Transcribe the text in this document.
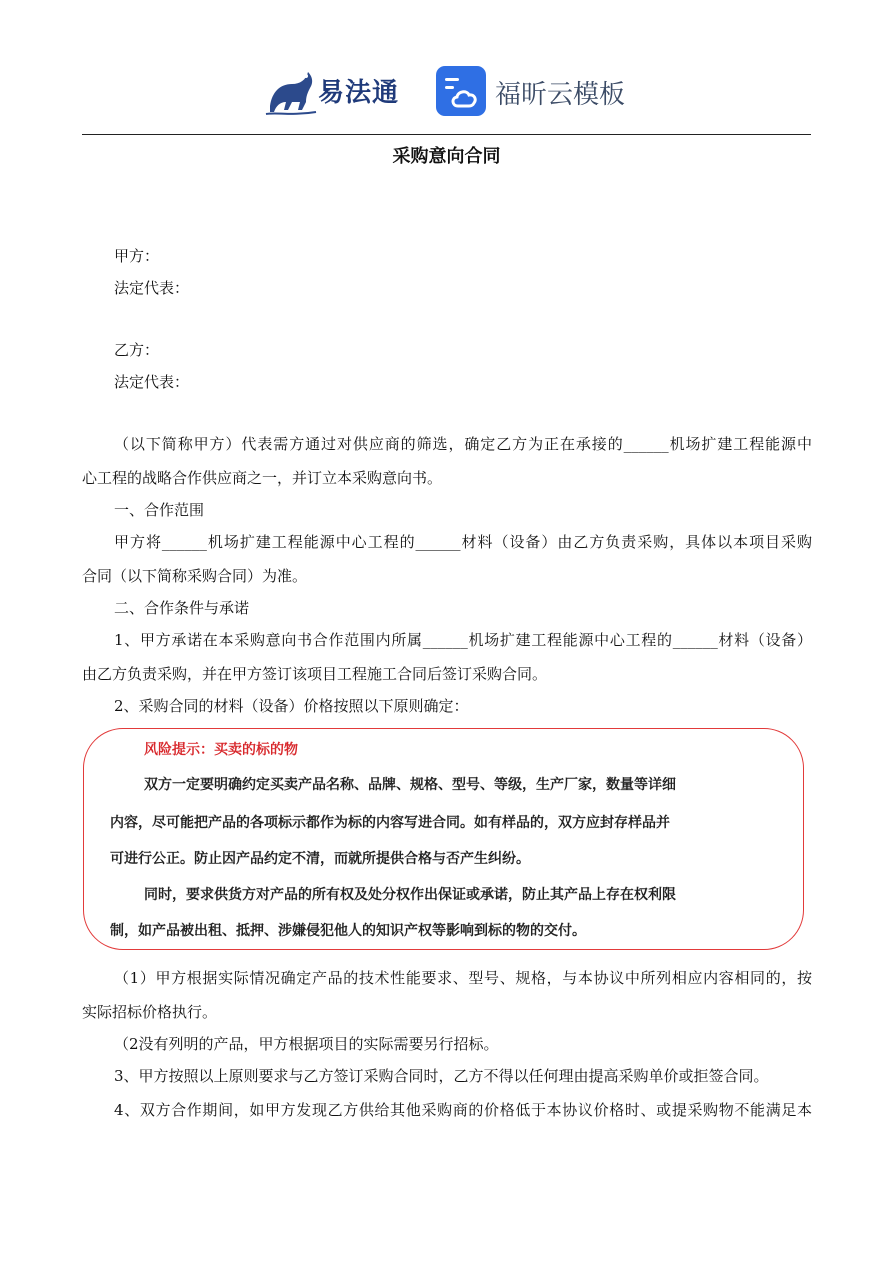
易法通	福昕云模板
采购意向合同
甲方：
法定代表：
乙方：
法定代表：
（以下简称甲方）代表需方通过对供应商的筛选，确定乙方为正在承接的______机场扩建工程能源中
心工程的战略合作供应商之一，并订立本采购意向书。
一、合作范围
甲方将______机场扩建工程能源中心工程的______材料（设备）由乙方负责采购，具体以本项目采购
合同（以下简称采购合同）为准。
二、合作条件与承诺
1、甲方承诺在本采购意向书合作范围内所属______机场扩建工程能源中心工程的______材料（设备）
由乙方负责采购，并在甲方签订该项目工程施工合同后签订采购合同。
2、采购合同的材料（设备）价格按照以下原则确定：
风险提示：买卖的标的物
双方一定要明确约定买卖产品名称、品牌、规格、型号、等级，生产厂家，数量等详细
内容，尽可能把产品的各项标示都作为标的内容写进合同。如有样品的，双方应封存样品并
可进行公正。防止因产品约定不清，而就所提供合格与否产生纠纷。
同时，要求供货方对产品的所有权及处分权作出保证或承诺，防止其产品上存在权利限
制，如产品被出租、抵押、涉嫌侵犯他人的知识产权等影响到标的物的交付。
（1）甲方根据实际情况确定产品的技术性能要求、型号、规格，与本协议中所列相应内容相同的，按
实际招标价格执行。
（2没有列明的产品，甲方根据项目的实际需要另行招标。
3、甲方按照以上原则要求与乙方签订采购合同时，乙方不得以任何理由提高采购单价或拒签合同。
4、双方合作期间，如甲方发现乙方供给其他采购商的价格低于本协议价格时、或提采购物不能满足本
